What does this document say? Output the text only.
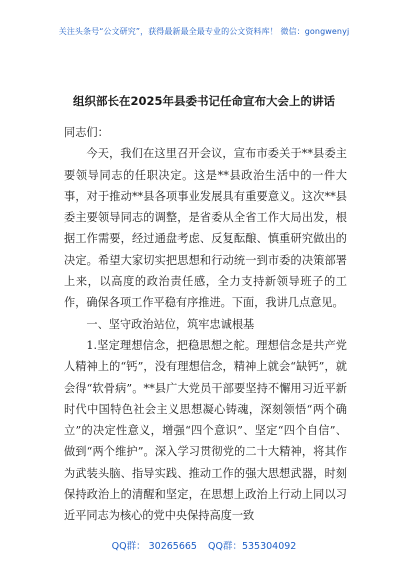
关注头条号“公文研究”，获得最新最全最专业的公文资料库！ 微信：gongwenyj
组织部长在2025年县委书记任命宣布大会上的讲话

同志们：

今天，我们在这里召开会议，宣布市委关于**县委主要领导同志的任职决定。这是**县政治生活中的一件大事，对于推动**县各项事业发展具有重要意义。这次**县委主要领导同志的调整，是省委从全省工作大局出发，根据工作需要，经过通盘考虑、反复酝酿、慎重研究做出的决定。希望大家切实把思想和行动统一到市委的决策部署上来，以高度的政治责任感，全力支持新领导班子的工作，确保各项工作平稳有序推进。下面，我讲几点意见。

一、坚守政治站位，筑牢忠诚根基

1.坚定理想信念，把稳思想之舵。理想信念是共产党人精神上的“钙”，没有理想信念，精神上就会“缺钙”，就会得“软骨病”。**县广大党员干部要坚持不懈用习近平新时代中国特色社会主义思想凝心铸魂，深刻领悟“两个确立”的决定性意义，增强“四个意识”、坚定“四个自信”、做到“两个维护”。深入学习贯彻党的二十大精神，将其作为武装头脑、指导实践、推动工作的强大思想武器，时刻保持政治上的清醒和坚定，在思想上政治上行动上同以习近平同志为核心的党中央保持高度一致

QQ群： 30265665 QQ群：535304092
